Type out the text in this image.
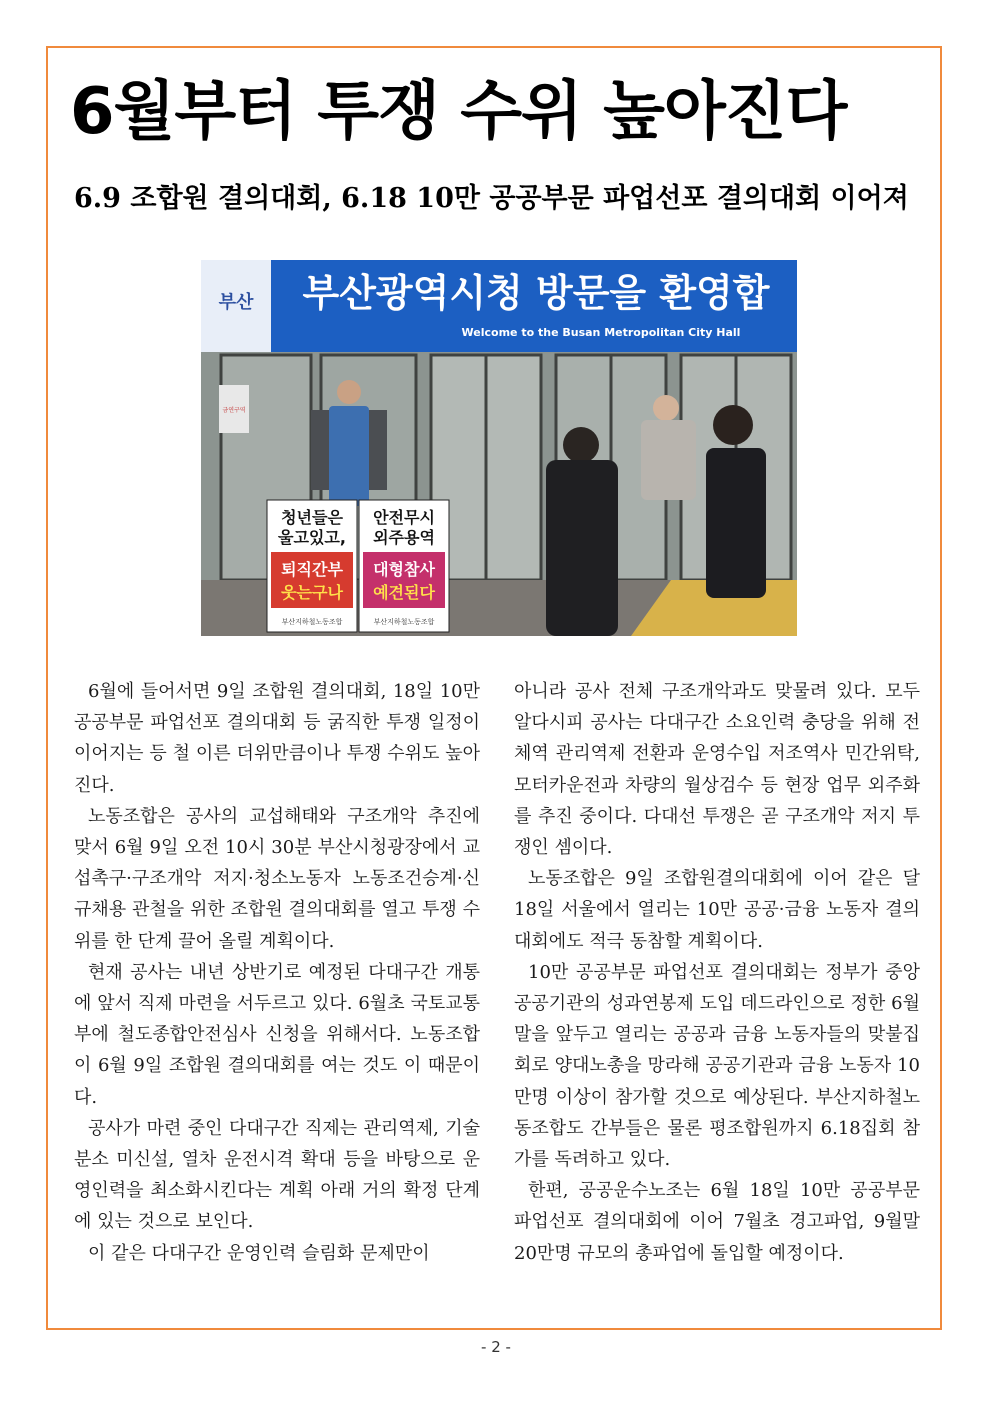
6월부터 투쟁 수위 높아진다
6.9 조합원 결의대회, 6.18 10만 공공부문 파업선포 결의대회 이어져
부산 부산광역시청 방문을 환영합
Welcome to the Busan Metropolitan City Hall
금연구역
청년들은
울고있고,
퇴직간부
웃는구나
부산지하철노동조합
안전무시
외주용역
대형참사
예견된다
부산지하철노동조합

6월에 들어서면 9일 조합원 결의대회, 18일 10만 공공부문 파업선포 결의대회 등 굵직한 투쟁 일정이 이어지는 등 철 이른 더위만큼이나 투쟁 수위도 높아진다.

노동조합은 공사의 교섭해태와 구조개악 추진에 맞서 6월 9일 오전 10시 30분 부산시청광장에서 교섭촉구·구조개악 저지·청소노동자 노동조건승계·신규채용 관철을 위한 조합원 결의대회를 열고 투쟁 수위를 한 단계 끌어 올릴 계획이다.

현재 공사는 내년 상반기로 예정된 다대구간 개통에 앞서 직제 마련을 서두르고 있다. 6월초 국토교통부에 철도종합안전심사 신청을 위해서다. 노동조합이 6월 9일 조합원 결의대회를 여는 것도 이 때문이다.

공사가 마련 중인 다대구간 직제는 관리역제, 기술분소 미신설, 열차 운전시격 확대 등을 바탕으로 운영인력을 최소화시킨다는 계획 아래 거의 확정 단계에 있는 것으로 보인다.

이 같은 다대구간 운영인력 슬림화 문제만이

아니라 공사 전체 구조개악과도 맞물려 있다. 모두 알다시피 공사는 다대구간 소요인력 충당을 위해 전체역 관리역제 전환과 운영수입 저조역사 민간위탁, 모터카운전과 차량의 월상검수 등 현장 업무 외주화를 추진 중이다. 다대선 투쟁은 곧 구조개악 저지 투쟁인 셈이다.

노동조합은 9일 조합원결의대회에 이어 같은 달 18일 서울에서 열리는 10만 공공·금융 노동자 결의대회에도 적극 동참할 계획이다.

10만 공공부문 파업선포 결의대회는 정부가 중앙 공공기관의 성과연봉제 도입 데드라인으로 정한 6월 말을 앞두고 열리는 공공과 금융 노동자들의 맞불집회로 양대노총을 망라해 공공기관과 금융 노동자 10만명 이상이 참가할 것으로 예상된다. 부산지하철노동조합도 간부들은 물론 평조합원까지 6.18집회 참가를 독려하고 있다.

한편, 공공운수노조는 6월 18일 10만 공공부문 파업선포 결의대회에 이어 7월초 경고파업, 9월말 20만명 규모의 총파업에 돌입할 예정이다.

- 2 -
